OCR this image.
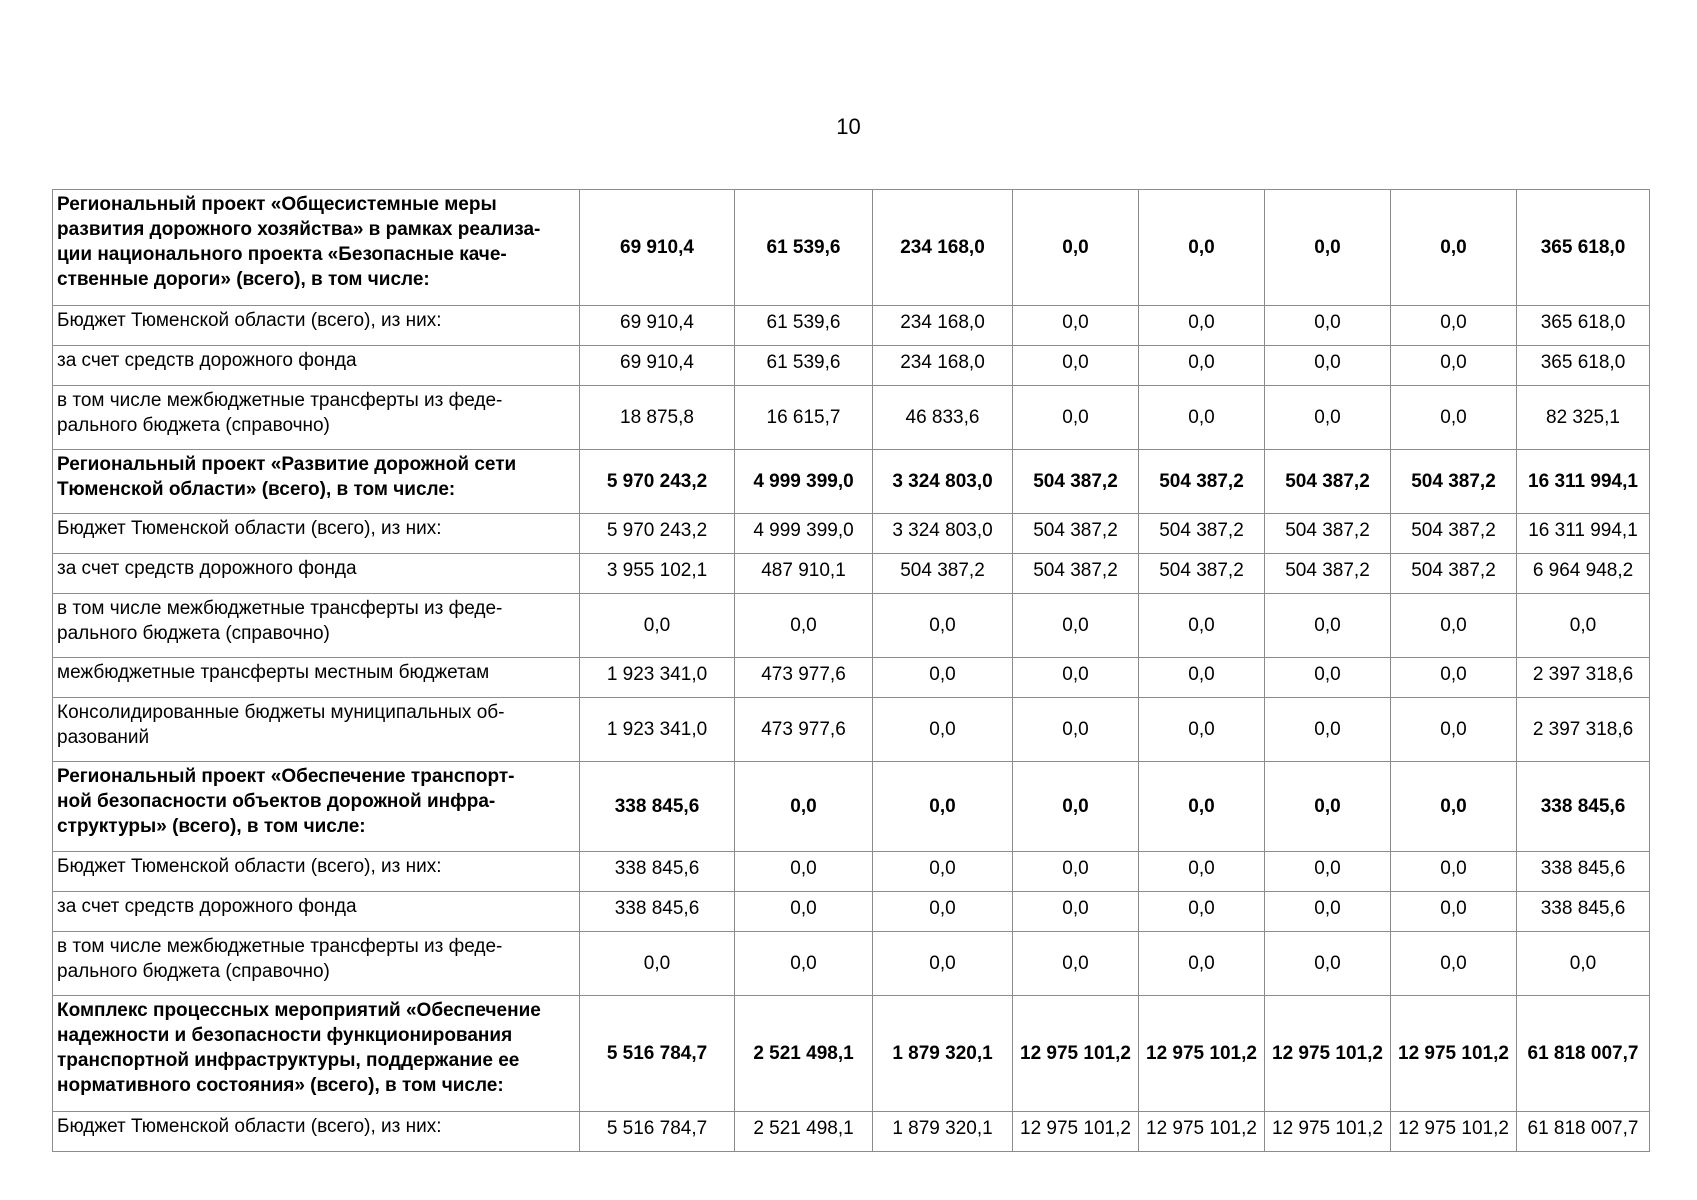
10
Региональный проект «Общесистемные меры
развития дорожного хозяйства» в рамках реализа-
ции национального проекта «Безопасные каче-
ственные дороги» (всего), в том числе:	69 910,4	61 539,6	234 168,0	0,0	0,0	0,0	0,0	365 618,0

Бюджет Тюменской области (всего), из них:	69 910,4	61 539,6	234 168,0	0,0	0,0	0,0	0,0	365 618,0

за счет средств дорожного фонда	69 910,4	61 539,6	234 168,0	0,0	0,0	0,0	0,0	365 618,0

в том числе межбюджетные трансферты из феде-
рального бюджета (справочно)	18 875,8	16 615,7	46 833,6	0,0	0,0	0,0	0,0	82 325,1

Региональный проект «Развитие дорожной сети
Тюменской области» (всего), в том числе:	5 970 243,2	4 999 399,0	3 324 803,0	504 387,2	504 387,2	504 387,2	504 387,2	16 311 994,1

Бюджет Тюменской области (всего), из них:	5 970 243,2	4 999 399,0	3 324 803,0	504 387,2	504 387,2	504 387,2	504 387,2	16 311 994,1

за счет средств дорожного фонда	3 955 102,1	487 910,1	504 387,2	504 387,2	504 387,2	504 387,2	504 387,2	6 964 948,2

в том числе межбюджетные трансферты из феде-
рального бюджета (справочно)	0,0	0,0	0,0	0,0	0,0	0,0	0,0	0,0

межбюджетные трансферты местным бюджетам	1 923 341,0	473 977,6	0,0	0,0	0,0	0,0	0,0	2 397 318,6

Консолидированные бюджеты муниципальных об-
разований	1 923 341,0	473 977,6	0,0	0,0	0,0	0,0	0,0	2 397 318,6

Региональный проект «Обеспечение транспорт-
ной безопасности объектов дорожной инфра-
структуры» (всего), в том числе:	338 845,6	0,0	0,0	0,0	0,0	0,0	0,0	338 845,6

Бюджет Тюменской области (всего), из них:	338 845,6	0,0	0,0	0,0	0,0	0,0	0,0	338 845,6

за счет средств дорожного фонда	338 845,6	0,0	0,0	0,0	0,0	0,0	0,0	338 845,6

в том числе межбюджетные трансферты из феде-
рального бюджета (справочно)	0,0	0,0	0,0	0,0	0,0	0,0	0,0	0,0

Комплекс процессных мероприятий «Обеспечение
надежности и безопасности функционирования
транспортной инфраструктуры, поддержание ее
нормативного состояния» (всего), в том числе:	5 516 784,7	2 521 498,1	1 879 320,1	12 975 101,2	12 975 101,2	12 975 101,2	12 975 101,2	61 818 007,7

Бюджет Тюменской области (всего), из них:	5 516 784,7	2 521 498,1	1 879 320,1	12 975 101,2	12 975 101,2	12 975 101,2	12 975 101,2	61 818 007,7
